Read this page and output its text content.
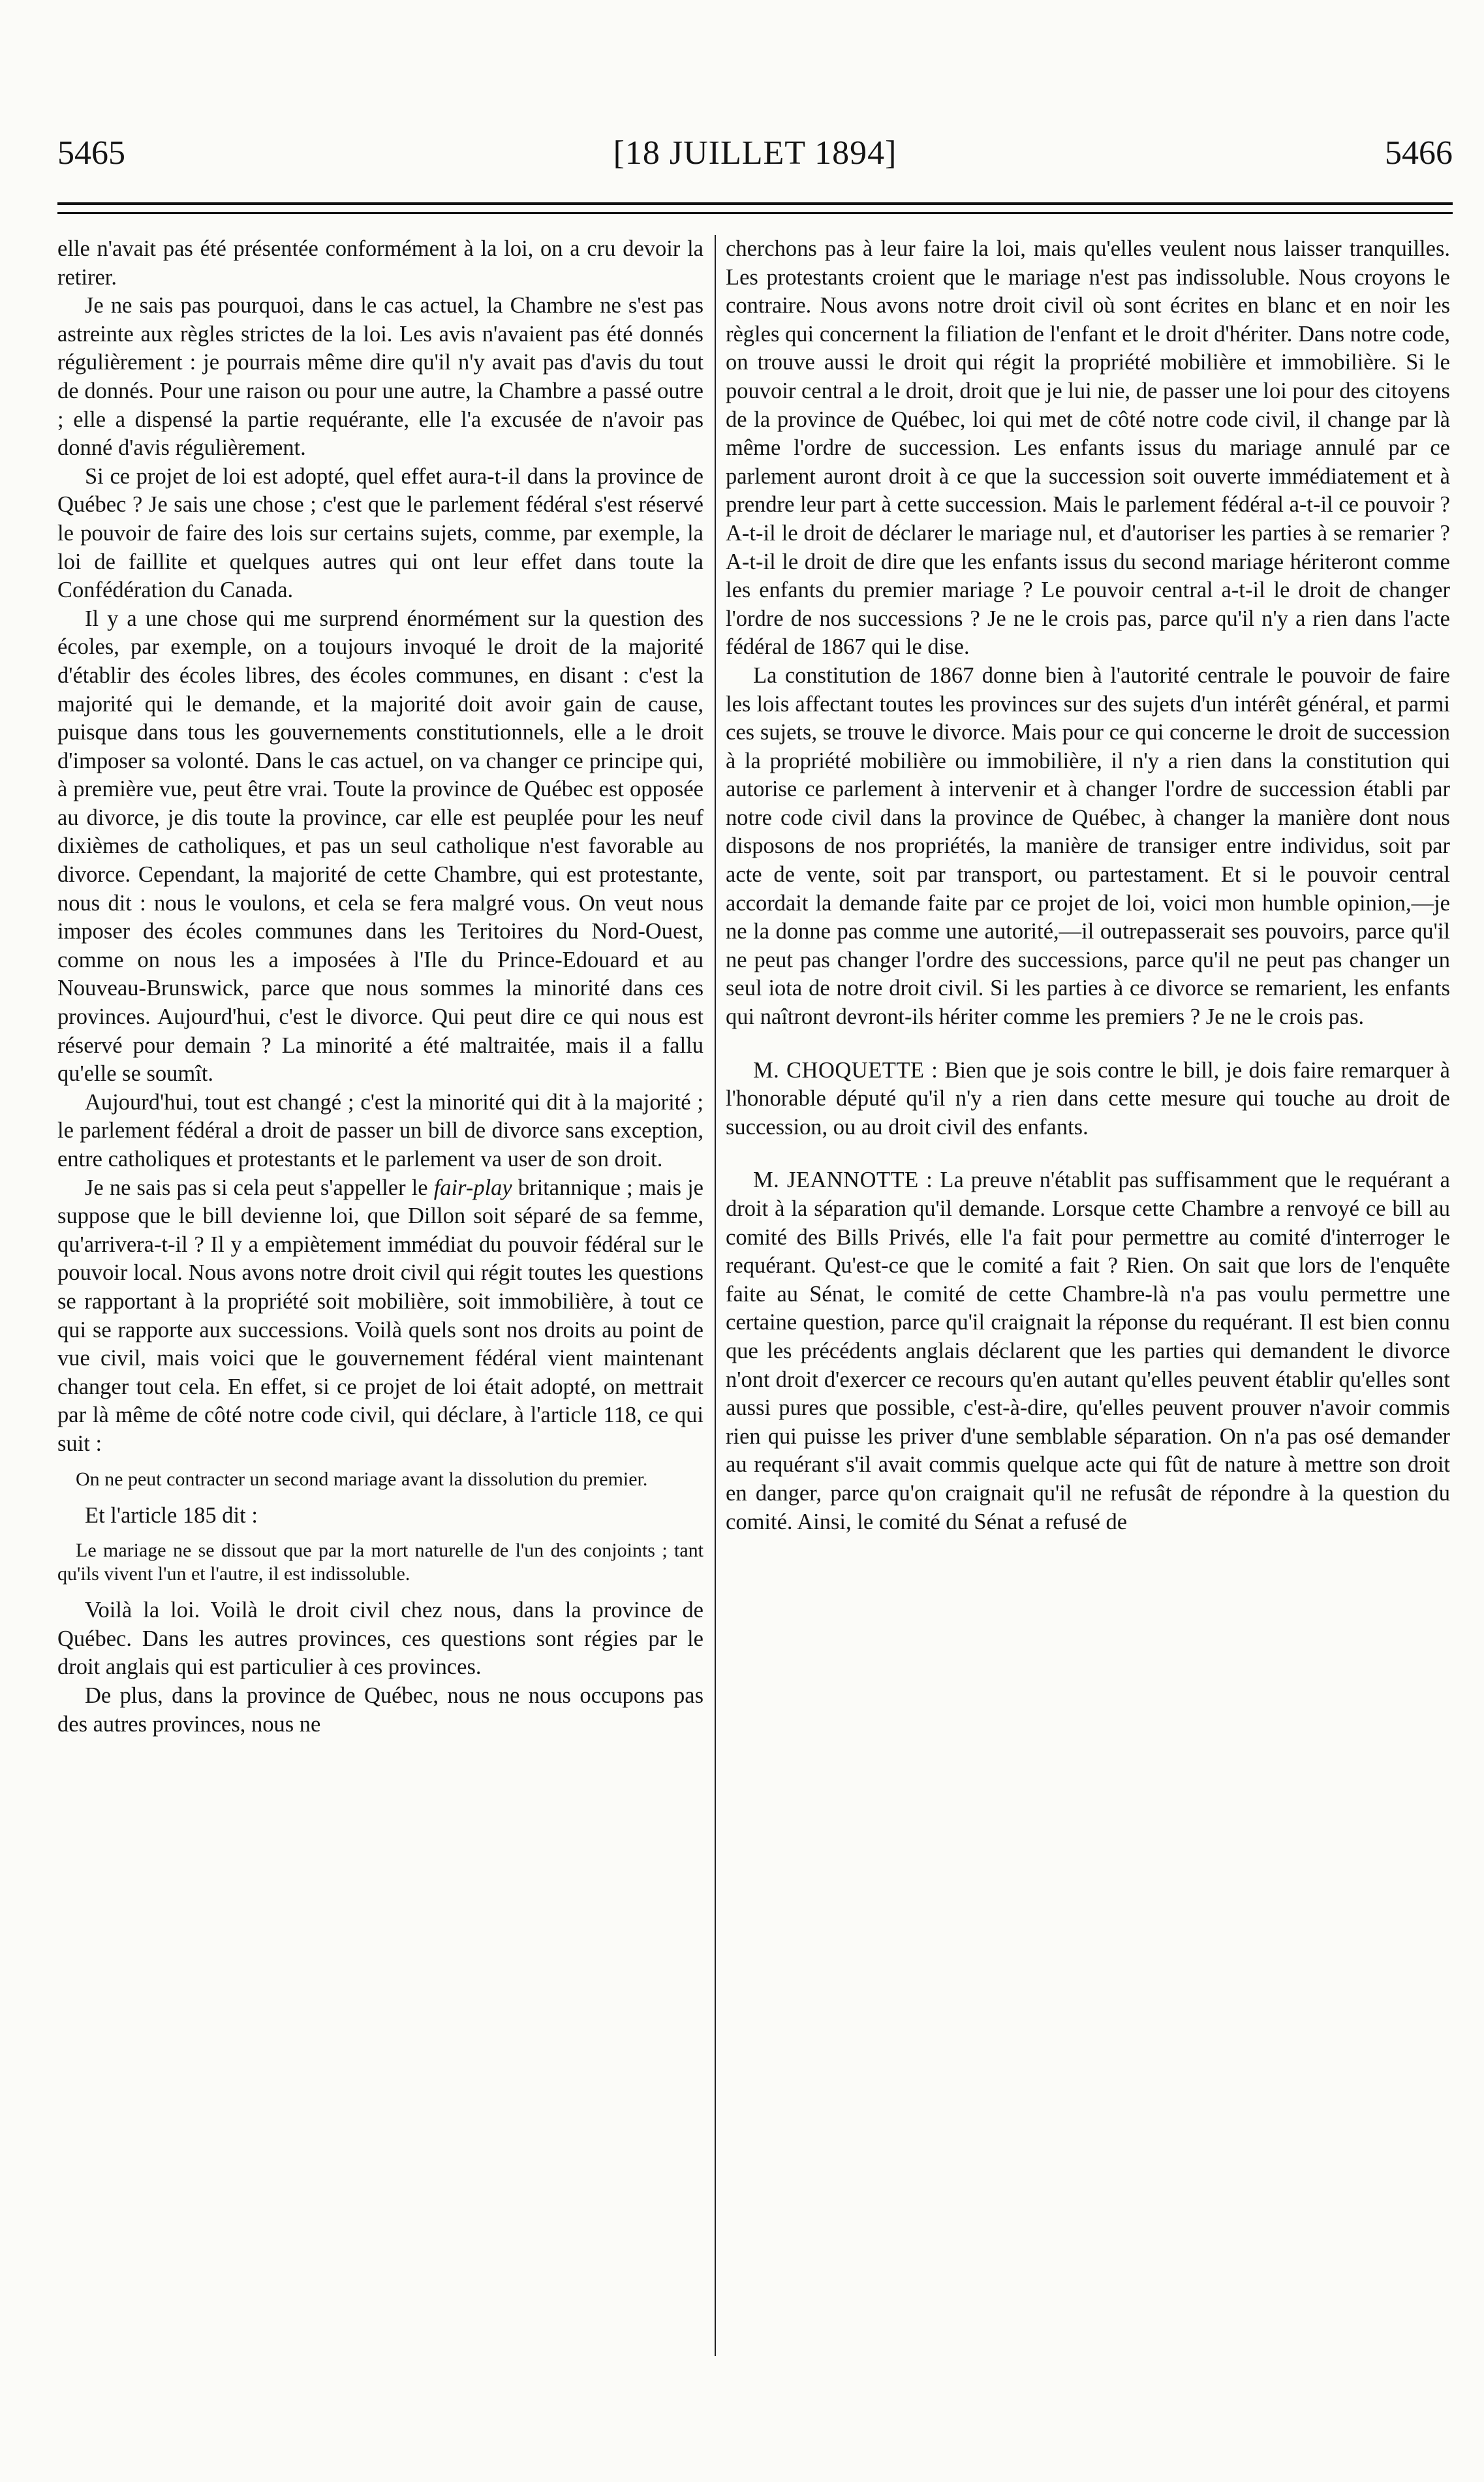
5465	[18 JUILLET 1894]	5466

elle n'avait pas été présentée conformément à la loi, on a cru devoir la retirer.

Je ne sais pas pourquoi, dans le cas actuel, la Chambre ne s'est pas astreinte aux règles strictes de la loi. Les avis n'avaient pas été donnés régulièrement : je pourrais même dire qu'il n'y avait pas d'avis du tout de donnés. Pour une raison ou pour une autre, la Chambre a passé outre ; elle a dispensé la partie requérante, elle l'a excusée de n'avoir pas donné d'avis régulièrement.

Si ce projet de loi est adopté, quel effet aura-t-il dans la province de Québec ? Je sais une chose ; c'est que le parlement fédéral s'est réservé le pouvoir de faire des lois sur certains sujets, comme, par exemple, la loi de faillite et quelques autres qui ont leur effet dans toute la Confédération du Canada.

Il y a une chose qui me surprend énormément sur la question des écoles, par exemple, on a toujours invoqué le droit de la majorité d'établir des écoles libres, des écoles communes, en disant : c'est la majorité qui le demande, et la majorité doit avoir gain de cause, puisque dans tous les gouvernements constitutionnels, elle a le droit d'imposer sa volonté. Dans le cas actuel, on va changer ce principe qui, à première vue, peut être vrai. Toute la province de Québec est opposée au divorce, je dis toute la province, car elle est peuplée pour les neuf dixièmes de catholiques, et pas un seul catholique n'est favorable au divorce. Cependant, la majorité de cette Chambre, qui est protestante, nous dit : nous le voulons, et cela se fera malgré vous. On veut nous imposer des écoles communes dans les Teritoires du Nord-Ouest, comme on nous les a imposées à l'Ile du Prince-Edouard et au Nouveau-Brunswick, parce que nous sommes la minorité dans ces provinces. Aujourd'hui, c'est le divorce. Qui peut dire ce qui nous est réservé pour demain ? La minorité a été maltraitée, mais il a fallu qu'elle se soumît.

Aujourd'hui, tout est changé ; c'est la minorité qui dit à la majorité ; le parlement fédéral a droit de passer un bill de divorce sans exception, entre catholiques et protestants et le parlement va user de son droit.

Je ne sais pas si cela peut s'appeller le fair-play britannique ; mais je suppose que le bill devienne loi, que Dillon soit séparé de sa femme, qu'arrivera-t-il ? Il y a empiètement immédiat du pouvoir fédéral sur le pouvoir local. Nous avons notre droit civil qui régit toutes les questions se rapportant à la propriété soit mobilière, soit immobilière, à tout ce qui se rapporte aux successions. Voilà quels sont nos droits au point de vue civil, mais voici que le gouvernement fédéral vient maintenant changer tout cela. En effet, si ce projet de loi était adopté, on mettrait par là même de côté notre code civil, qui déclare, à l'article 118, ce qui suit :

On ne peut contracter un second mariage avant la dissolution du premier.

Et l'article 185 dit :

Le mariage ne se dissout que par la mort naturelle de l'un des conjoints ; tant qu'ils vivent l'un et l'autre, il est indissoluble.

Voilà la loi. Voilà le droit civil chez nous, dans la province de Québec. Dans les autres provinces, ces questions sont régies par le droit anglais qui est particulier à ces provinces.

De plus, dans la province de Québec, nous ne nous occupons pas des autres provinces, nous ne

cherchons pas à leur faire la loi, mais qu'elles veulent nous laisser tranquilles. Les protestants croient que le mariage n'est pas indissoluble. Nous croyons le contraire. Nous avons notre droit civil où sont écrites en blanc et en noir les règles qui concernent la filiation de l'enfant et le droit d'hériter. Dans notre code, on trouve aussi le droit qui régit la propriété mobilière et immobilière. Si le pouvoir central a le droit, droit que je lui nie, de passer une loi pour des citoyens de la province de Québec, loi qui met de côté notre code civil, il change par là même l'ordre de succession. Les enfants issus du mariage annulé par ce parlement auront droit à ce que la succession soit ouverte immédiatement et à prendre leur part à cette succession. Mais le parlement fédéral a-t-il ce pouvoir ? A-t-il le droit de déclarer le mariage nul, et d'autoriser les parties à se remarier ? A-t-il le droit de dire que les enfants issus du second mariage hériteront comme les enfants du premier mariage ? Le pouvoir central a-t-il le droit de changer l'ordre de nos successions ? Je ne le crois pas, parce qu'il n'y a rien dans l'acte fédéral de 1867 qui le dise.

La constitution de 1867 donne bien à l'autorité centrale le pouvoir de faire les lois affectant toutes les provinces sur des sujets d'un intérêt général, et parmi ces sujets, se trouve le divorce. Mais pour ce qui concerne le droit de succession à la propriété mobilière ou immobilière, il n'y a rien dans la constitution qui autorise ce parlement à intervenir et à changer l'ordre de succession établi par notre code civil dans la province de Québec, à changer la manière dont nous disposons de nos propriétés, la manière de transiger entre individus, soit par acte de vente, soit par transport, ou partestament. Et si le pouvoir central accordait la demande faite par ce projet de loi, voici mon humble opinion,—je ne la donne pas comme une autorité,—il outrepasserait ses pouvoirs, parce qu'il ne peut pas changer l'ordre des successions, parce qu'il ne peut pas changer un seul iota de notre droit civil. Si les parties à ce divorce se remarient, les enfants qui naîtront devront-ils hériter comme les premiers ? Je ne le crois pas.

M. CHOQUETTE : Bien que je sois contre le bill, je dois faire remarquer à l'honorable député qu'il n'y a rien dans cette mesure qui touche au droit de succession, ou au droit civil des enfants.

M. JEANNOTTE : La preuve n'établit pas suffisamment que le requérant a droit à la séparation qu'il demande. Lorsque cette Chambre a renvoyé ce bill au comité des Bills Privés, elle l'a fait pour permettre au comité d'interroger le requérant. Qu'est-ce que le comité a fait ? Rien. On sait que lors de l'enquête faite au Sénat, le comité de cette Chambre-là n'a pas voulu permettre une certaine question, parce qu'il craignait la réponse du requérant. Il est bien connu que les précédents anglais déclarent que les parties qui demandent le divorce n'ont droit d'exercer ce recours qu'en autant qu'elles peuvent établir qu'elles sont aussi pures que possible, c'est-à-dire, qu'elles peuvent prouver n'avoir commis rien qui puisse les priver d'une semblable séparation. On n'a pas osé demander au requérant s'il avait commis quelque acte qui fût de nature à mettre son droit en danger, parce qu'on craignait qu'il ne refusât de répondre à la question du comité. Ainsi, le comité du Sénat a refusé de
